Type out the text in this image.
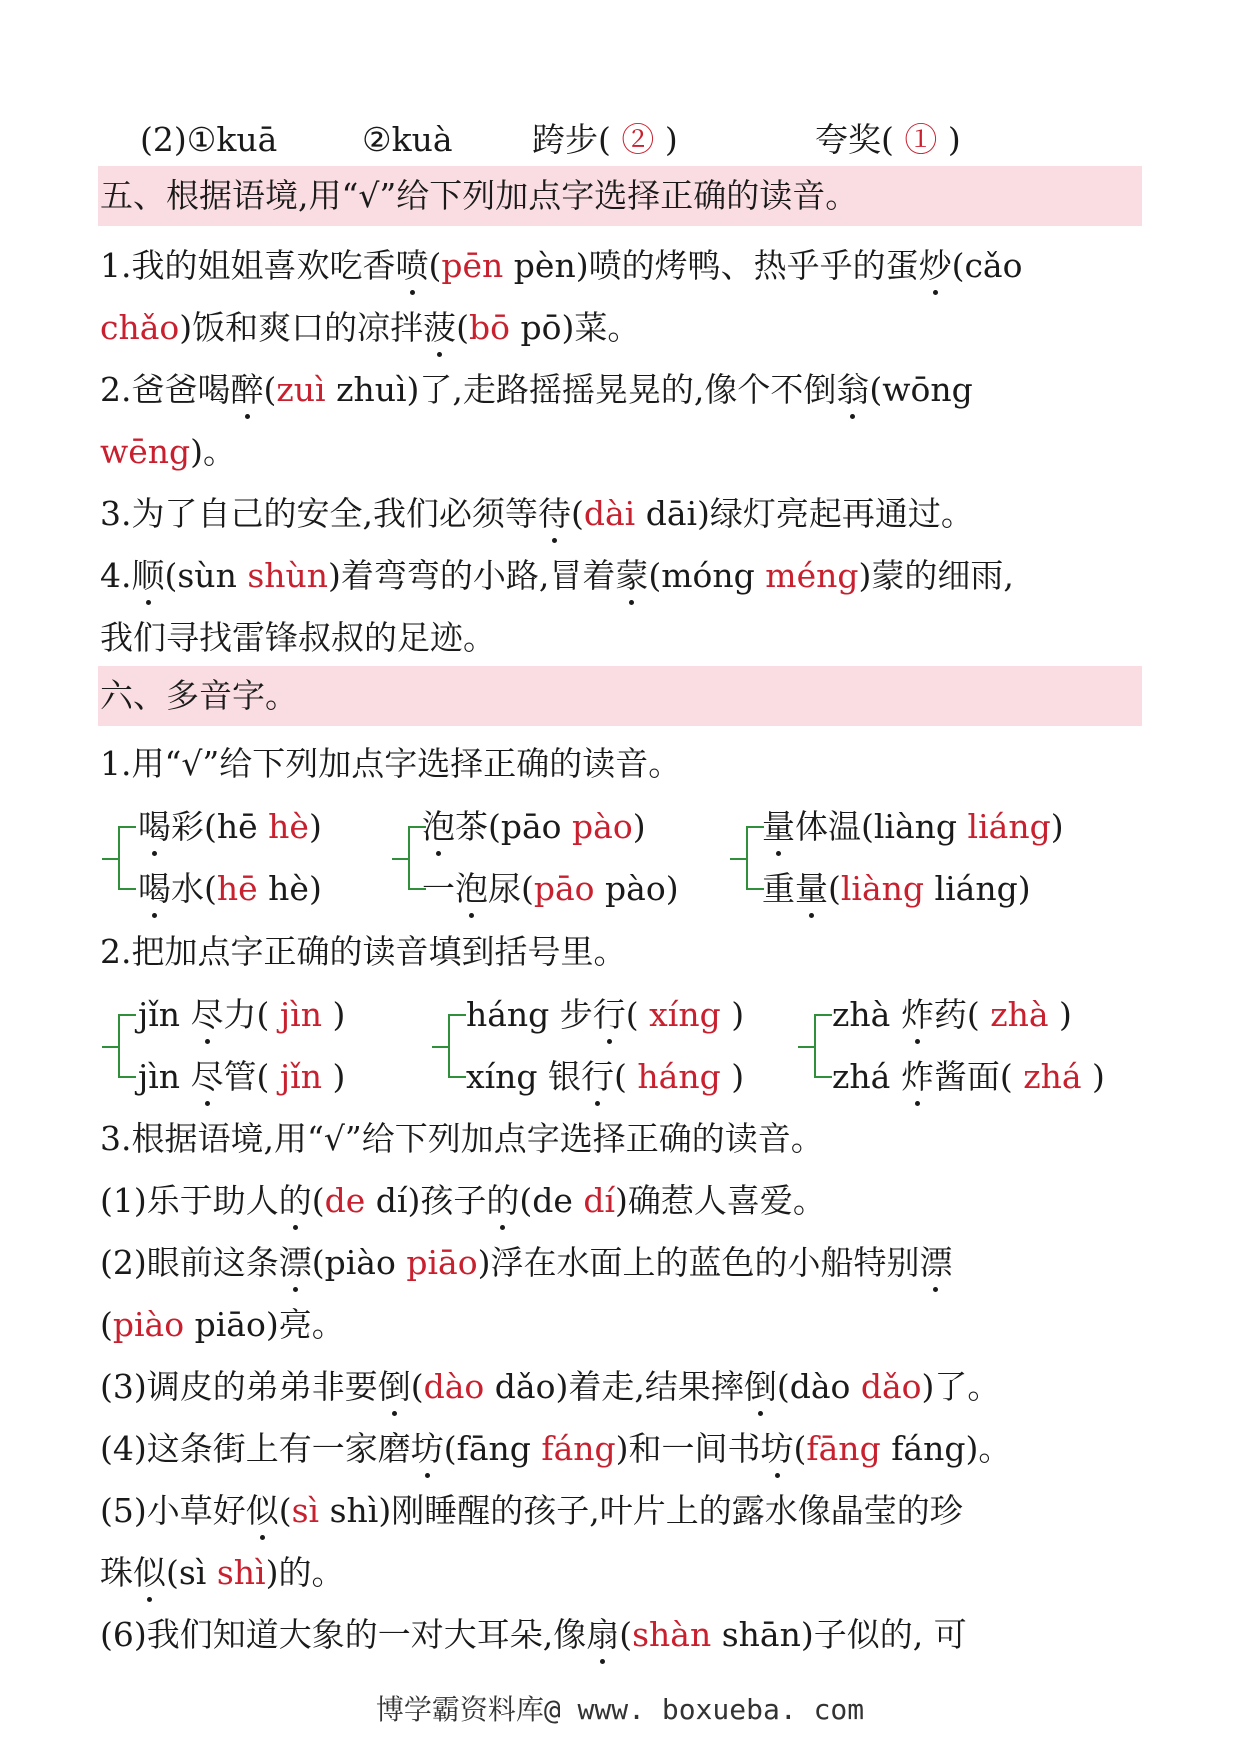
(2)①kuā	②kuà 跨步( ② )	夸奖( ① )
五、根据语境,用“√”给下列加点字选择正确的读音。
1.我的姐姐喜欢吃香喷(pēn pèn)喷的烤鸭、热乎乎的蛋炒(cǎo
chǎo)饭和爽口的凉拌菠(bō pō)菜。
2.爸爸喝醉(zuì zhuì)了,走路摇摇晃晃的,像个不倒翁(wōng
wēng)。
3.为了自己的安全,我们必须等待(dài dāi)绿灯亮起再通过。
4.顺(sùn shùn)着弯弯的小路,冒着蒙(móng méng)蒙的细雨,
我们寻找雷锋叔叔的足迹。
六、多音字。
1.用“√”给下列加点字选择正确的读音。
喝彩(hē hè)
喝水(hē hè)
泡茶(pāo pào)
一泡尿(pāo pào)
量体温(liàng liáng)
重量(liàng liáng)
2.把加点字正确的读音填到括号里。
jǐn 尽力( jìn )
jìn 尽管( jǐn )
háng 步行( xíng )
xíng 银行( háng )
zhà 炸药( zhà )
zhá 炸酱面( zhá )
3.根据语境,用“√”给下列加点字选择正确的读音。
(1)乐于助人的(de dí)孩子的(de dí)确惹人喜爱。
(2)眼前这条漂(piào piāo)浮在水面上的蓝色的小船特别漂
(piào piāo)亮。
(3)调皮的弟弟非要倒(dào dǎo)着走,结果摔倒(dào dǎo)了。
(4)这条街上有一家磨坊(fāng fáng)和一间书坊(fāng fáng)。
(5)小草好似(sì shì)刚睡醒的孩子,叶片上的露水像晶莹的珍
珠似(sì shì)的。
(6)我们知道大象的一对大耳朵,像扇(shàn shān)子似的, 可
博学霸资料库@ www. boxueba. com
